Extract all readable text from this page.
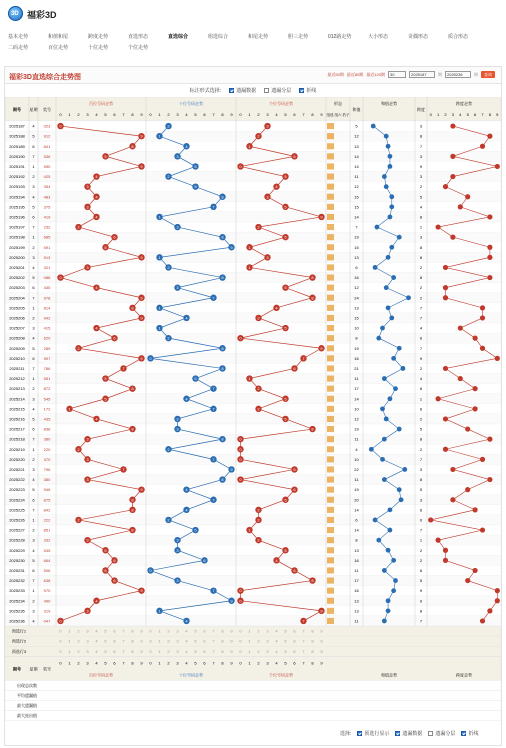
3D 福彩3D
基本走势	和值和尾	跨度走势	直选形态	直选综合	组选综合	和尾走势	胆三走势	012路走势	大小形态	奇偶形态	质合形态
二码走势	百位走势	十位走势	个位走势
福彩3D直选综合走势图	最近50期 最近80期 最近120期	30	2025187	期	2025236	期	查询
标注形式选择:	遗漏数据	遗漏分层	折线
期号 星期 奖号
百位号码走势	十位号码走势	个位号码走势	形态
和值
和值走势
跨度
跨度走势
组选 组六 豹子
0 1 2 3 4 5 6 7 8 9 0 1 2 3 4 5 6 7 8 9 0 1 2 3 4 5 6 7 8 9	0 1 2 3 4 5 6 7 8 9
2025187 4 023	5	3
2025188 5 912	12	8
2025189 6 841	13	7
2025190 7 536	14	3
2025191 1 950	14	9
2025192 2 425	11	3
2025193 3 354	12	2
2025194 4 483	15	5
2025195 5 375	15	4
2025196 6 419	14	8
2025197 7 232	7	1
2025198 1 685	19	3
2025199 2 591	15	8
2025200 3 913	13	8
2025201 4 321	6	2
2025202 5 088	16	8
2025203 6 435	12	2
2025204 7 978	24	2
2025205 1 814	13	7
2025206 2 942	15	7
2025207 3 415	10	4
2025208 4 620	8	6
2025209 5 289	19	7
2025210 6 907	16	9
2025211 7 786	21	2
2025212 1 551	11	4
2025213 2 872	17	6
2025214 3 545	14	1
2025215 4 172	10	6
2025216 5 435	12	2
2025217 6 838	19	5
2025218 7 380	11	8
2025219 1 220	4	2
2025220 2 370	10	7
2025221 3 796	22	3
2025222 4 380	11	8
2025223 5 946	19	5
2025224 6 875	20	3
2025225 7 842	14	6
2025226 1 222	6	0
2025227 2 851	14	7
2025228 3 332	8	1
2025229 4 535	13	2
2025230 5 664	16	2
2025231 6 506	11	6
2025232 7 638	17	5
2025233 1 970	16	9
2025234 2 490	13	9
2025235 3 319	13	8
2025236 4 047	11	7
0
9
8
5
9
4
3
4
3
4
2
6
5
9
3
0
4
9
8
9
4
6
2
9
7
5
8
5
1
4
8
3
2
3
7
3
9
8
8
2
8
3
5
6
5
6
9
4
3
0
2
1
4
3
5
2
5
8
7
1
3
8
9
1
2
8
3
7
1
4
1
2
8
0
8
5
7
4
7
3
3
8
2
7
9
8
4
7
4
2
5
3
3
6
0
3
7
9
1
4
3
2
1
6
0
5
4
3
5
9
2
5
1
3
1
8
5
8
4
2
5
0
9
7
6
1
2
5
2
5
8
0
0
0
6
0
6
5
2
2
1
2
5
4
6
8
0
0
9
7
预选行1	0 1 2 3 4 5 6 7 8 9 0 1 2 3 4 5 6 7 8 9 0 1 2 3 4 5 6 7 8 9
预选行2	0 1 2 3 4 5 6 7 8 9 0 1 2 3 4 5 6 7 8 9 0 1 2 3 4 5 6 7 8 9
预选行3	0 1 2 3 4 5 6 7 8 9 0 1 2 3 4 5 6 7 8 9 0 1 2 3 4 5 6 7 8 9
期号 星期 奖号
百位号码走势	十位号码走势	个位号码走势	和值走势	跨度走势
0 1 2 3 4 5 6 7 8 9 0 1 2 3 4 5 6 7 8 9 0 1 2 3 4 5 6 7 8 9
出现总次数
平均遗漏值
最大遗漏值
最大连出值
选择:	预选行显示	遗漏数据	遗漏分层	折线
